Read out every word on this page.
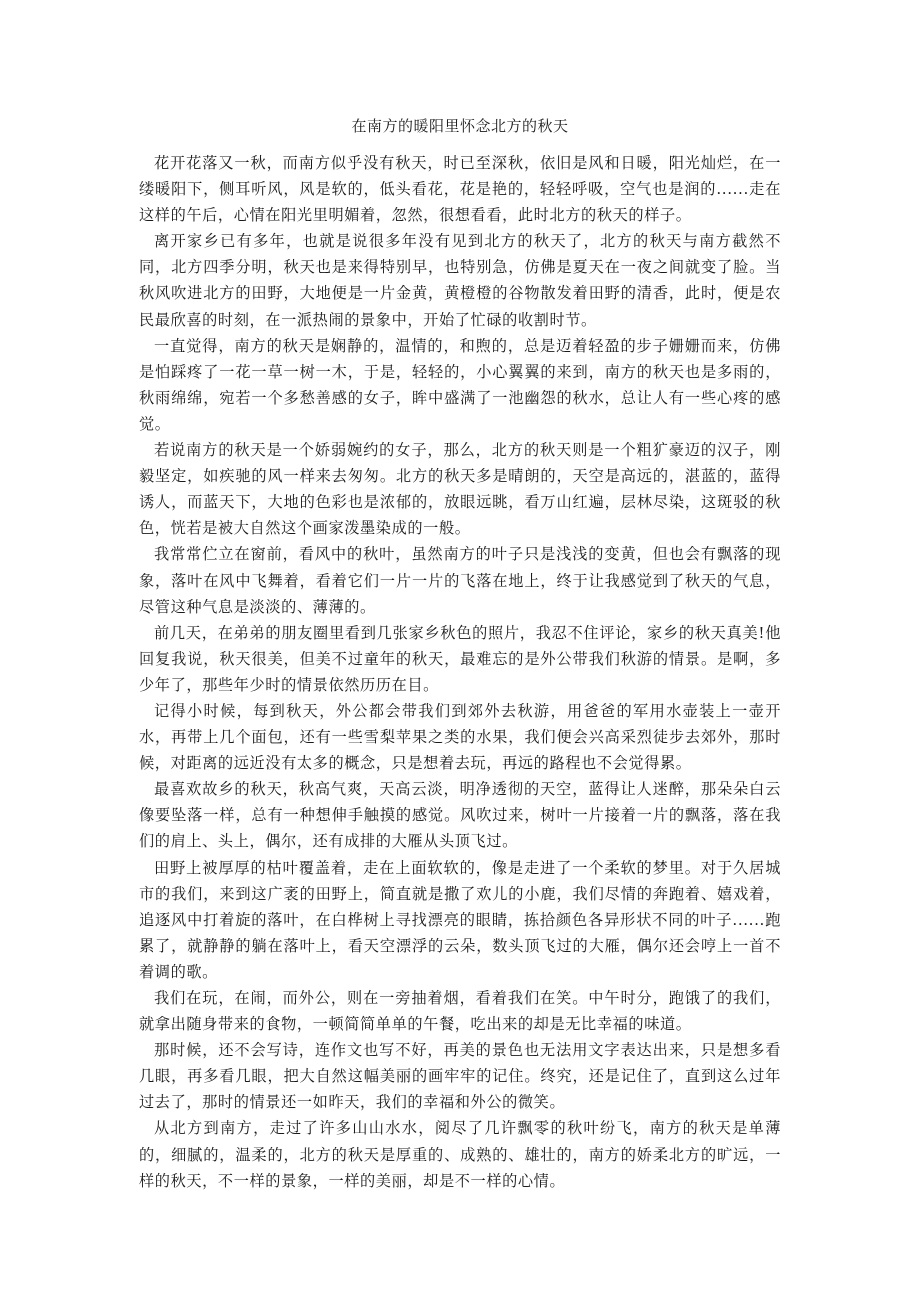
在南方的暖阳里怀念北方的秋天

花开花落又一秋，而南方似乎没有秋天，时已至深秋，依旧是风和日暖，阳光灿烂，在一缕暖阳下，侧耳听风，风是软的，低头看花，花是艳的，轻轻呼吸，空气也是润的......走在这样的午后，心情在阳光里明媚着，忽然，很想看看，此时北方的秋天的样子。

离开家乡已有多年，也就是说很多年没有见到北方的秋天了，北方的秋天与南方截然不同，北方四季分明，秋天也是来得特别早，也特别急，仿佛是夏天在一夜之间就变了脸。当秋风吹进北方的田野，大地便是一片金黄，黄橙橙的谷物散发着田野的清香，此时，便是农民最欣喜的时刻，在一派热闹的景象中，开始了忙碌的收割时节。

一直觉得，南方的秋天是娴静的，温情的，和煦的，总是迈着轻盈的步子姗姗而来，仿佛是怕踩疼了一花一草一树一木，于是，轻轻的，小心翼翼的来到，南方的秋天也是多雨的，秋雨绵绵，宛若一个多愁善感的女子，眸中盛满了一池幽怨的秋水，总让人有一些心疼的感觉。

若说南方的秋天是一个娇弱婉约的女子，那么，北方的秋天则是一个粗犷豪迈的汉子，刚毅坚定，如疾驰的风一样来去匆匆。北方的秋天多是晴朗的，天空是高远的，湛蓝的，蓝得诱人，而蓝天下，大地的色彩也是浓郁的，放眼远眺，看万山红遍，层林尽染，这斑驳的秋色，恍若是被大自然这个画家泼墨染成的一般。

我常常伫立在窗前，看风中的秋叶，虽然南方的叶子只是浅浅的变黄，但也会有飘落的现象，落叶在风中飞舞着，看着它们一片一片的飞落在地上，终于让我感觉到了秋天的气息，尽管这种气息是淡淡的、薄薄的。

前几天，在弟弟的朋友圈里看到几张家乡秋色的照片，我忍不住评论，家乡的秋天真美!他回复我说，秋天很美，但美不过童年的秋天，最难忘的是外公带我们秋游的情景。是啊，多少年了，那些年少时的情景依然历历在目。

记得小时候，每到秋天，外公都会带我们到郊外去秋游，用爸爸的军用水壶装上一壶开水，再带上几个面包，还有一些雪梨苹果之类的水果，我们便会兴高采烈徒步去郊外，那时候，对距离的远近没有太多的概念，只是想着去玩，再远的路程也不会觉得累。

最喜欢故乡的秋天，秋高气爽，天高云淡，明净透彻的天空，蓝得让人迷醉，那朵朵白云像要坠落一样，总有一种想伸手触摸的感觉。风吹过来，树叶一片接着一片的飘落，落在我们的肩上、头上，偶尔，还有成排的大雁从头顶飞过。

田野上被厚厚的枯叶覆盖着，走在上面软软的，像是走进了一个柔软的梦里。对于久居城市的我们，来到这广袤的田野上，简直就是撒了欢儿的小鹿，我们尽情的奔跑着、嬉戏着，追逐风中打着旋的落叶，在白桦树上寻找漂亮的眼睛，拣拾颜色各异形状不同的叶子......跑累了，就静静的躺在落叶上，看天空漂浮的云朵，数头顶飞过的大雁，偶尔还会哼上一首不着调的歌。

我们在玩，在闹，而外公，则在一旁抽着烟，看着我们在笑。中午时分，跑饿了的我们，就拿出随身带来的食物，一顿简简单单的午餐，吃出来的却是无比幸福的味道。

那时候，还不会写诗，连作文也写不好，再美的景色也无法用文字表达出来，只是想多看几眼，再多看几眼，把大自然这幅美丽的画牢牢的记住。终究，还是记住了，直到这么过年过去了，那时的情景还一如昨天，我们的幸福和外公的微笑。

从北方到南方，走过了许多山山水水，阅尽了几许飘零的秋叶纷飞，南方的秋天是单薄的，细腻的，温柔的，北方的秋天是厚重的、成熟的、雄壮的，南方的娇柔北方的旷远，一样的秋天，不一样的景象，一样的美丽，却是不一样的心情。
